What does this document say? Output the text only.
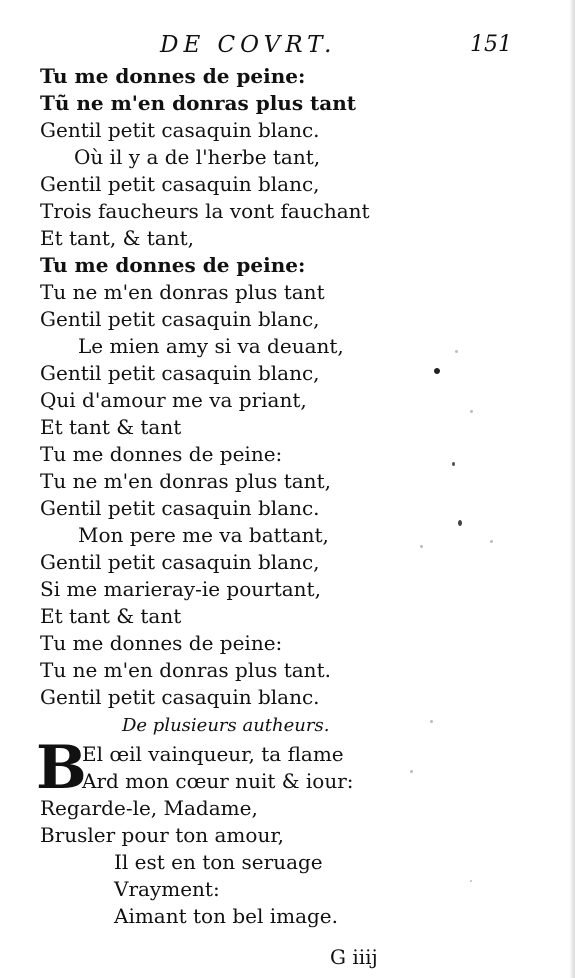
DE COVRT.	151
Tu me donnes de peine:
Tũ ne m'en donras plus tant
Gentil petit casaquin blanc.
Où il y a de l'herbe tant,
Gentil petit casaquin blanc,
Trois faucheurs la vont fauchant
Et tant, & tant,
Tu me donnes de peine:
Tu ne m'en donras plus tant
Gentil petit casaquin blanc,
Le mien amy si va deuant,
Gentil petit casaquin blanc,
Qui d'amour me va priant,
Et tant & tant
Tu me donnes de peine:
Tu ne m'en donras plus tant,
Gentil petit casaquin blanc.
Mon pere me va battant,
Gentil petit casaquin blanc,
Si me marieray-ie pourtant,
Et tant & tant
Tu me donnes de peine:
Tu ne m'en donras plus tant.
Gentil petit casaquin blanc.
De plusieurs autheurs.
B
El œil vainqueur, ta flame
Ard mon cœur nuit & iour:
Regarde-le, Madame,
Brusler pour ton amour,
Il est en ton seruage
Vrayment:
Aimant ton bel image.
G iiij
